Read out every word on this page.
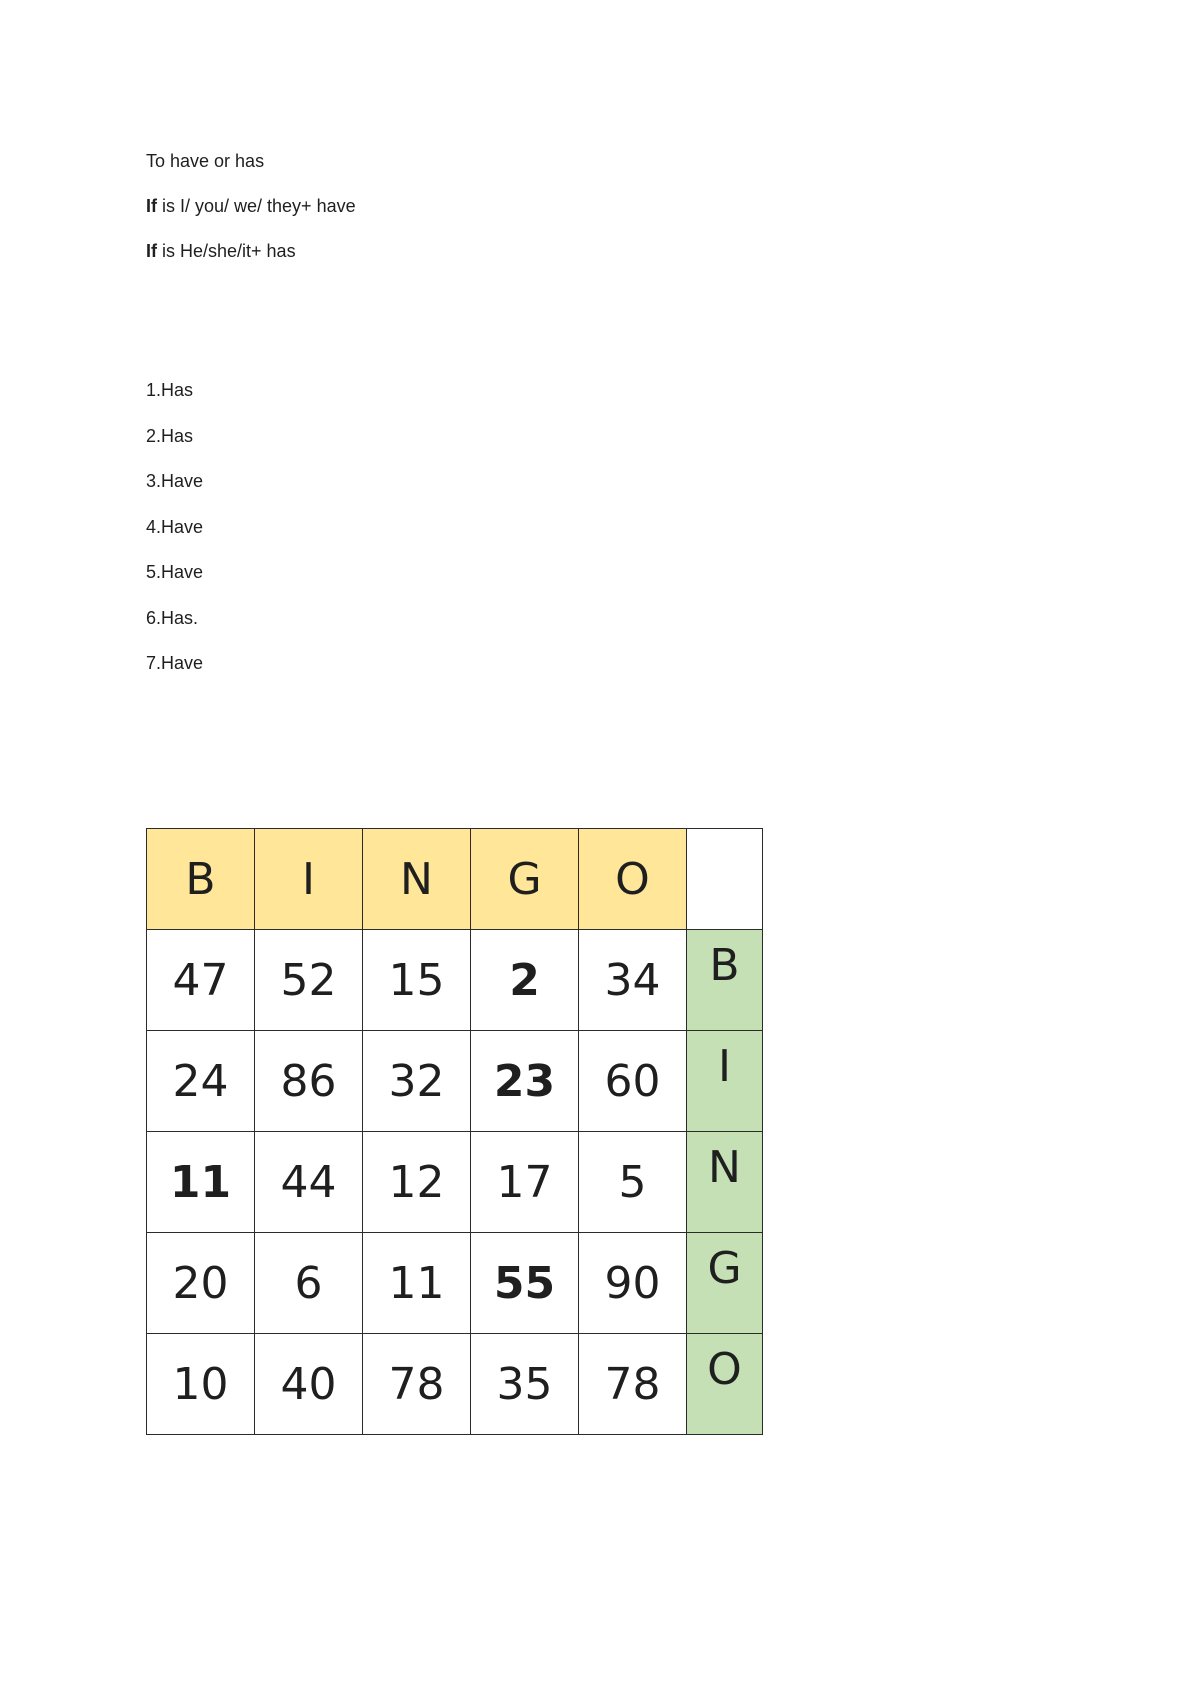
To have or has

If is I/ you/ we/ they+ have

If is He/she/it+ has

1.Has

2.Has

3.Have

4.Have

5.Have

6.Has.

7.Have

B	I	N	G	O	
47	52	15	2	34	B
24	86	32	23	60	I
11	44	12	17	5	N
20	6	11	55	90	G
10	40	78	35	78	O
